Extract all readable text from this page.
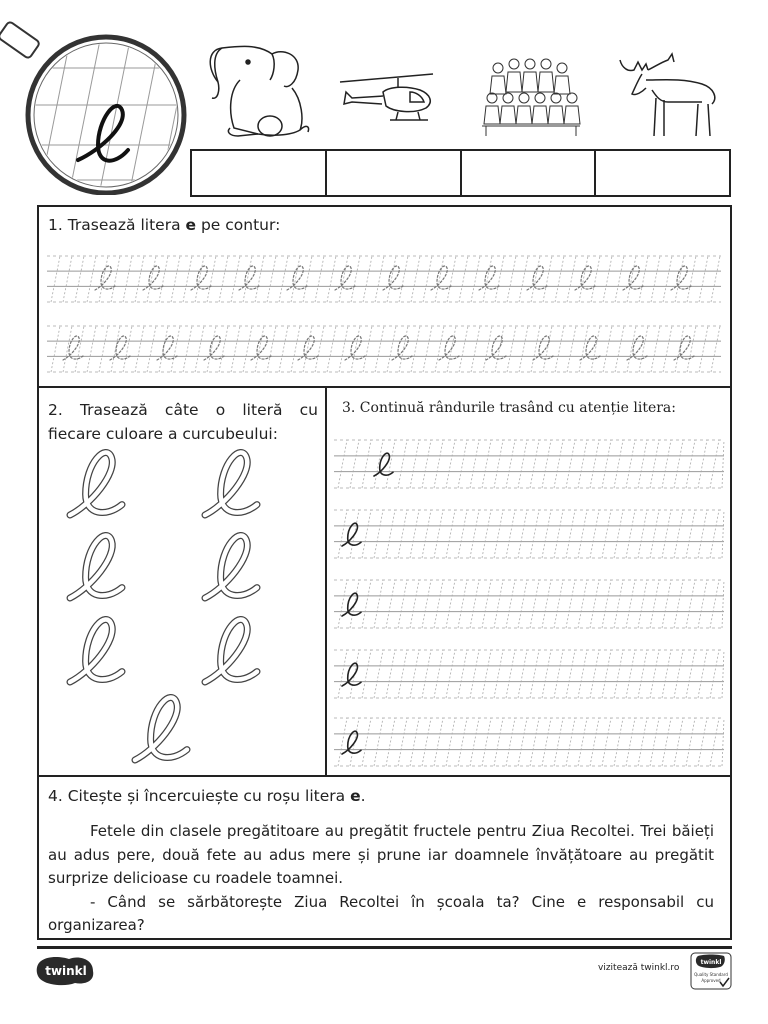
1. Trasează litera e pe contur:
2. Trasează câte o literă cu
fiecare culoare a curcubeului:
3. Continuă rândurile trasând cu atenție litera:
4. Citește și încercuiește cu roșu litera e.

Fetele din clasele pregătitoare au pregătit fructele pentru Ziua Recoltei. Trei băieți au adus pere, două fete au adus mere și prune iar doamnele învățătoare au pregătit surprize delicioase cu roadele toamnei.

- Când se sărbătorește Ziua Recoltei în școala ta? Cine e responsabil cu organizarea?

twinkl	vizitează twinkl.ro
twinkl
Quality Standard
Approved
